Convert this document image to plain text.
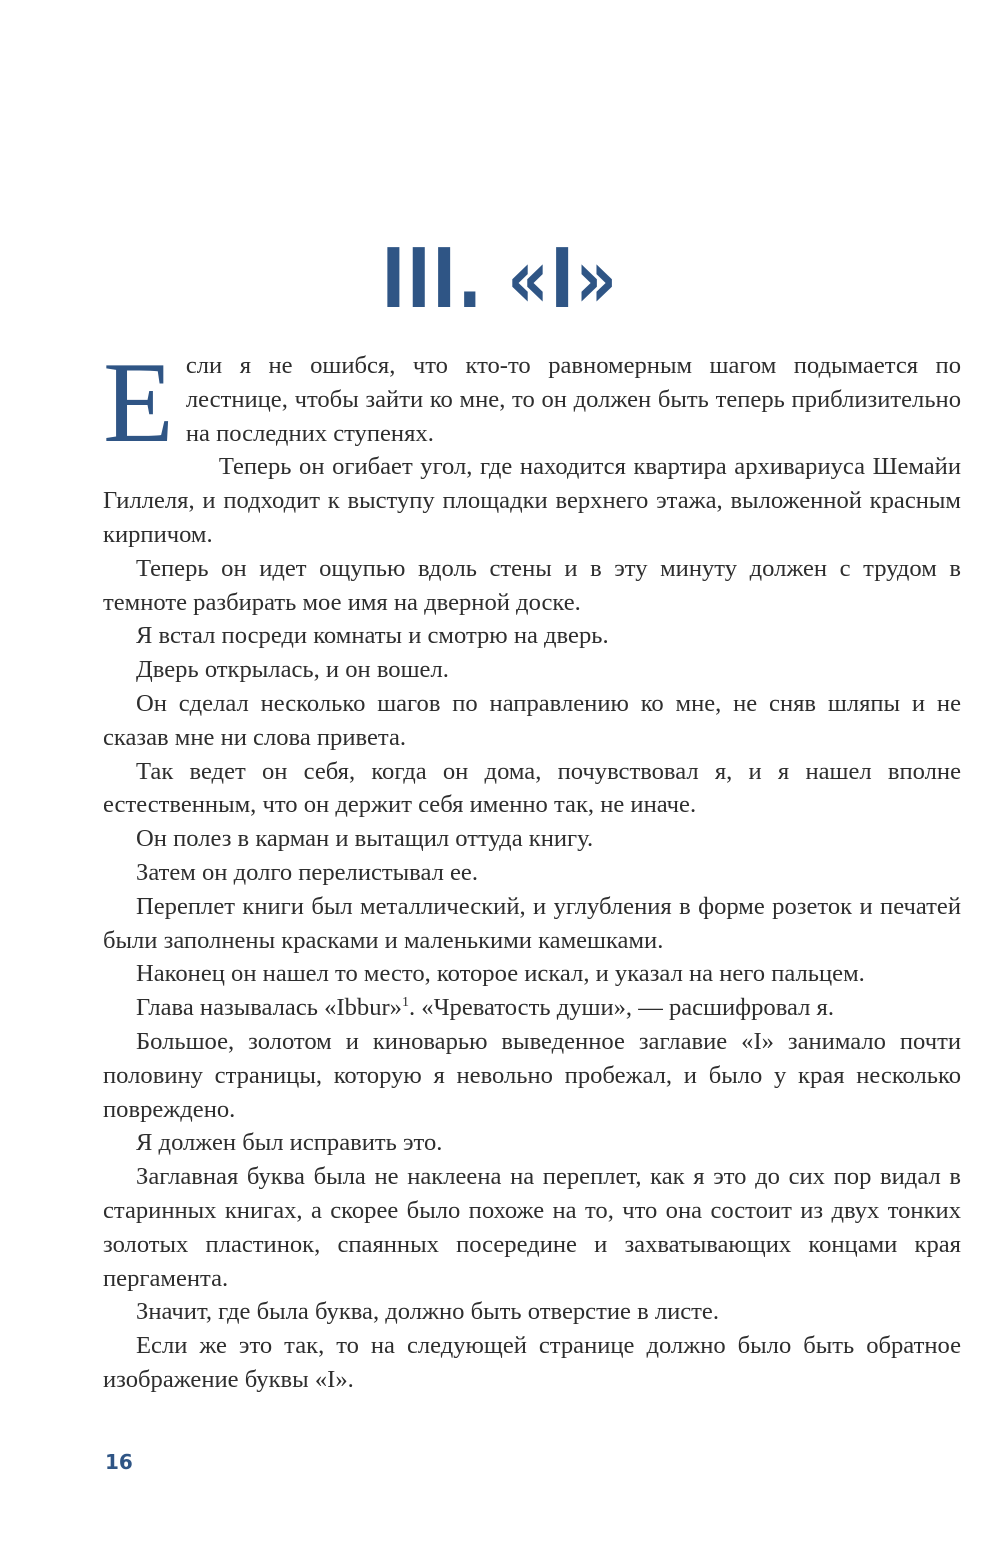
III. «I»

Если я не ошибся, что кто-то равномерным шагом подымается по лестнице, чтобы зайти ко мне, то он должен быть теперь приблизительно на последних ступенях.

Теперь он огибает угол, где находится квартира архивариуса Шемайи Гиллеля, и подходит к выступу площадки верхнего этажа, выложенной красным кирпичом.

Теперь он идет ощупью вдоль стены и в эту минуту должен с трудом в темноте разбирать мое имя на дверной доске.

Я встал посреди комнаты и смотрю на дверь.

Дверь открылась, и он вошел.

Он сделал несколько шагов по направлению ко мне, не сняв шляпы и не сказав мне ни слова привета.

Так ведет он себя, когда он дома, почувствовал я, и я нашел вполне естественным, что он держит себя именно так, не иначе.

Он полез в карман и вытащил оттуда книгу.

Затем он долго перелистывал ее.

Переплет книги был металлический, и углубления в форме розеток и печатей были заполнены красками и маленькими камешками.

Наконец он нашел то место, которое искал, и указал на него пальцем.

Глава называлась «Ibbur»$^1$. «Чреватость души», — расшифровал я.

Большое, золотом и киноварью выведенное заглавие «I» занимало почти половину страницы, которую я невольно пробежал, и было у края несколько повреждено.

Я должен был исправить это.

Заглавная буква была не наклеена на переплет, как я это до сих пор видал в старинных книгах, а скорее было похоже на то, что она состоит из двух тонких золотых пластинок, спаянных посередине и захватывающих концами края пергамента.

Значит, где была буква, должно быть отверстие в листе.

Если же это так, то на следующей странице должно было быть обратное изображение буквы «I».

16
